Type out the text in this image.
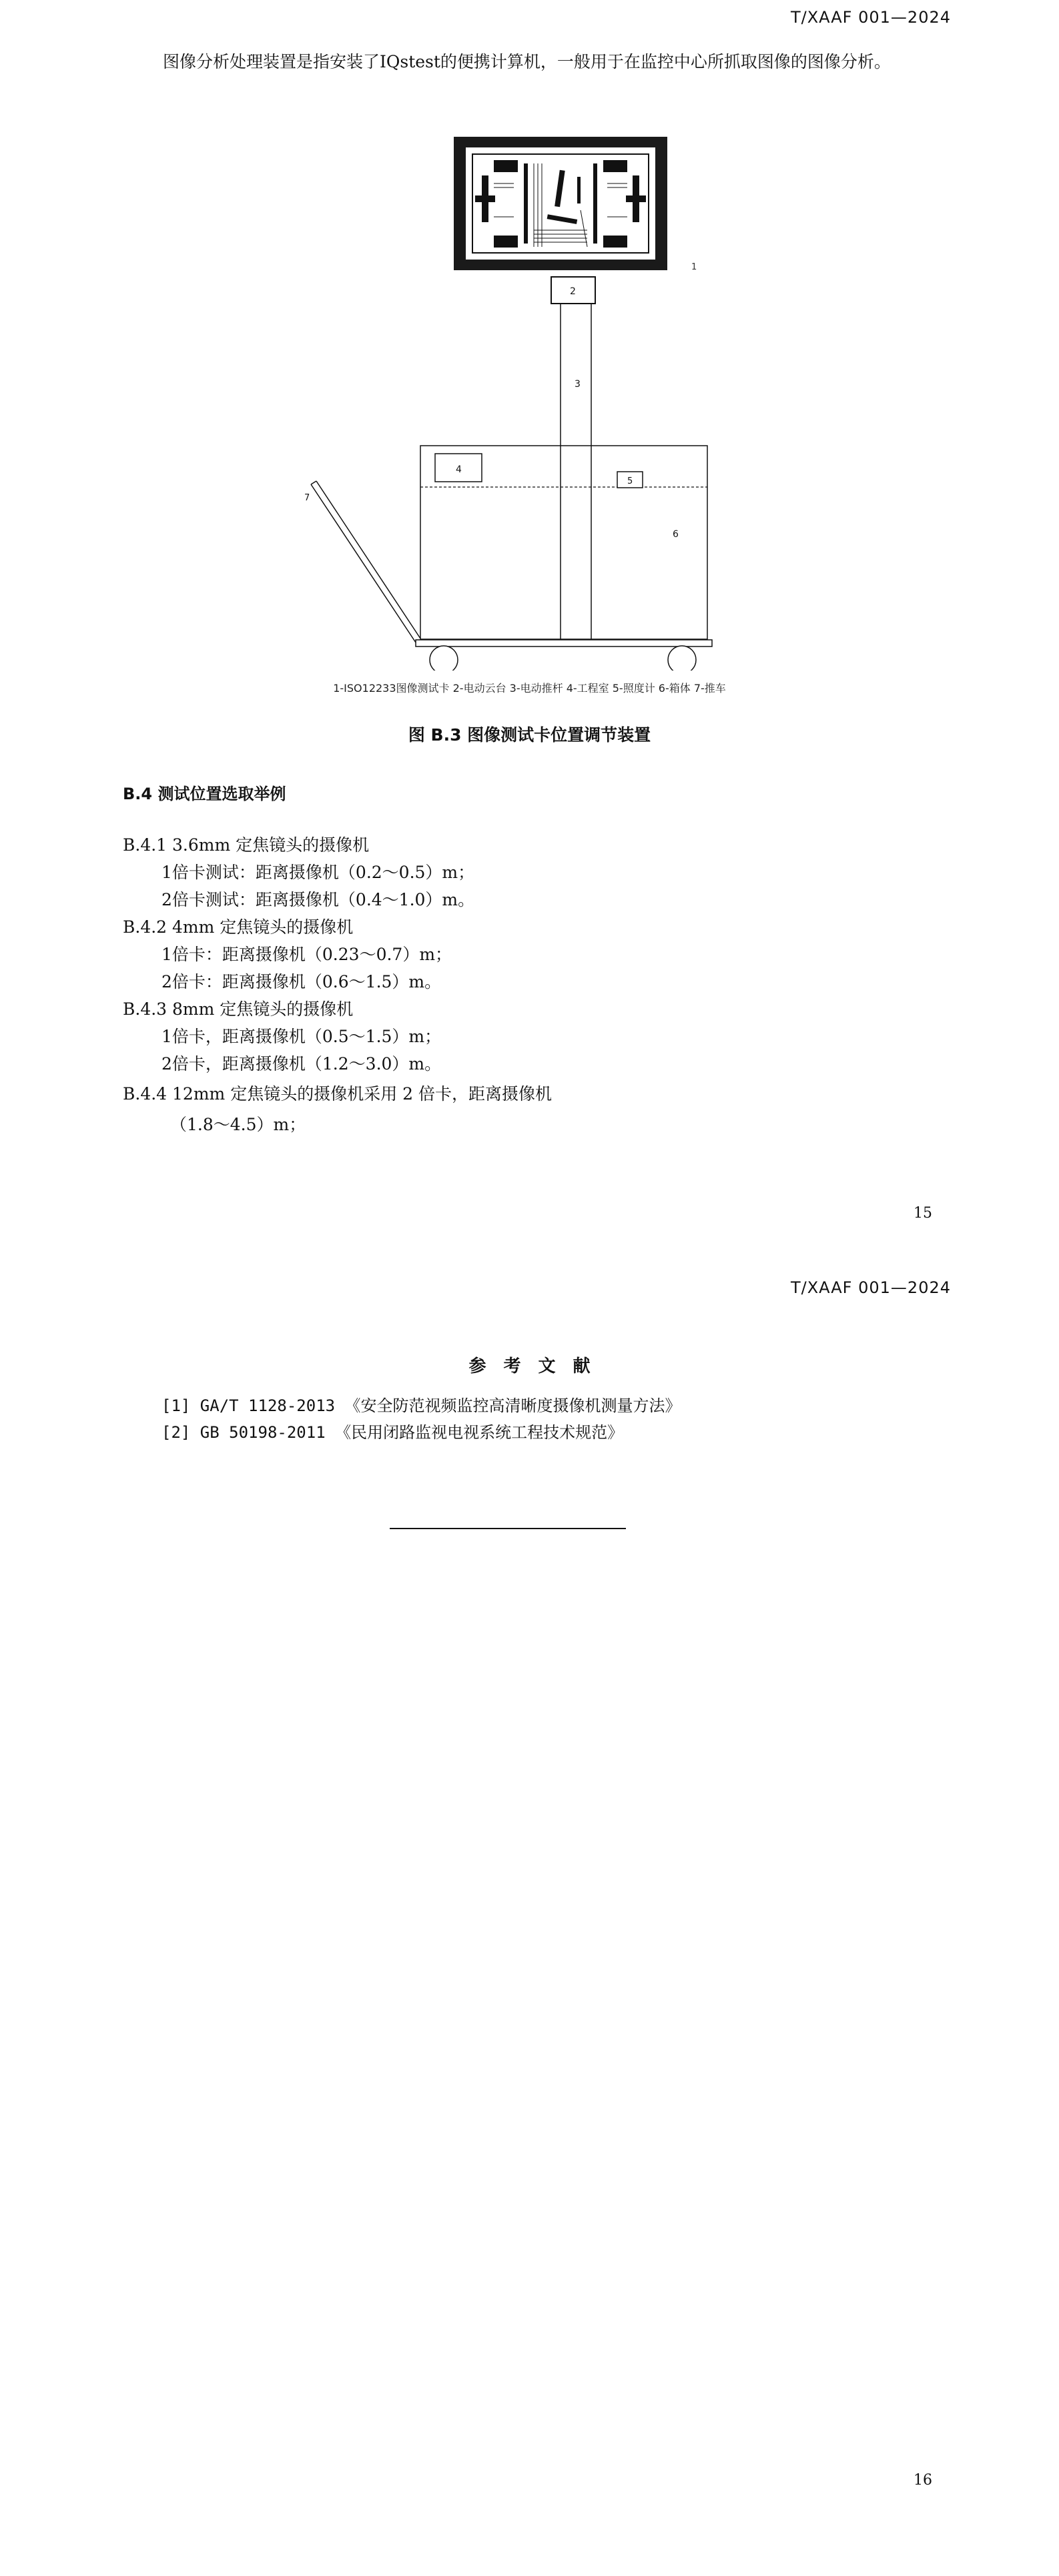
T/XAAF 001—2024
图像分析处理装置是指安装了IQstest的便携计算机，一般用于在监控中心所抓取图像的图像分析。
1
2
3
4
5
6
7
1-ISO12233图像测试卡 2-电动云台 3-电动推杆 4-工程室 5-照度计 6-箱体 7-推车
图 B.3 图像测试卡位置调节装置
B.4 测试位置选取举例
B.4.1 3.6mm 定焦镜头的摄像机
1倍卡测试：距离摄像机（0.2～0.5）m；
2倍卡测试：距离摄像机（0.4～1.0）m。
B.4.2 4mm 定焦镜头的摄像机
1倍卡：距离摄像机（0.23～0.7）m；
2倍卡：距离摄像机（0.6～1.5）m。
B.4.3 8mm 定焦镜头的摄像机
1倍卡，距离摄像机（0.5～1.5）m；
2倍卡，距离摄像机（1.2～3.0）m。
B.4.4 12mm 定焦镜头的摄像机采用 2 倍卡，距离摄像机
（1.8～4.5）m；
15
T/XAAF 001—2024
参考文献
[1] GA/T 1128-2013 《安全防范视频监控高清晰度摄像机测量方法》
[2] GB 50198-2011 《民用闭路监视电视系统工程技术规范》
16
